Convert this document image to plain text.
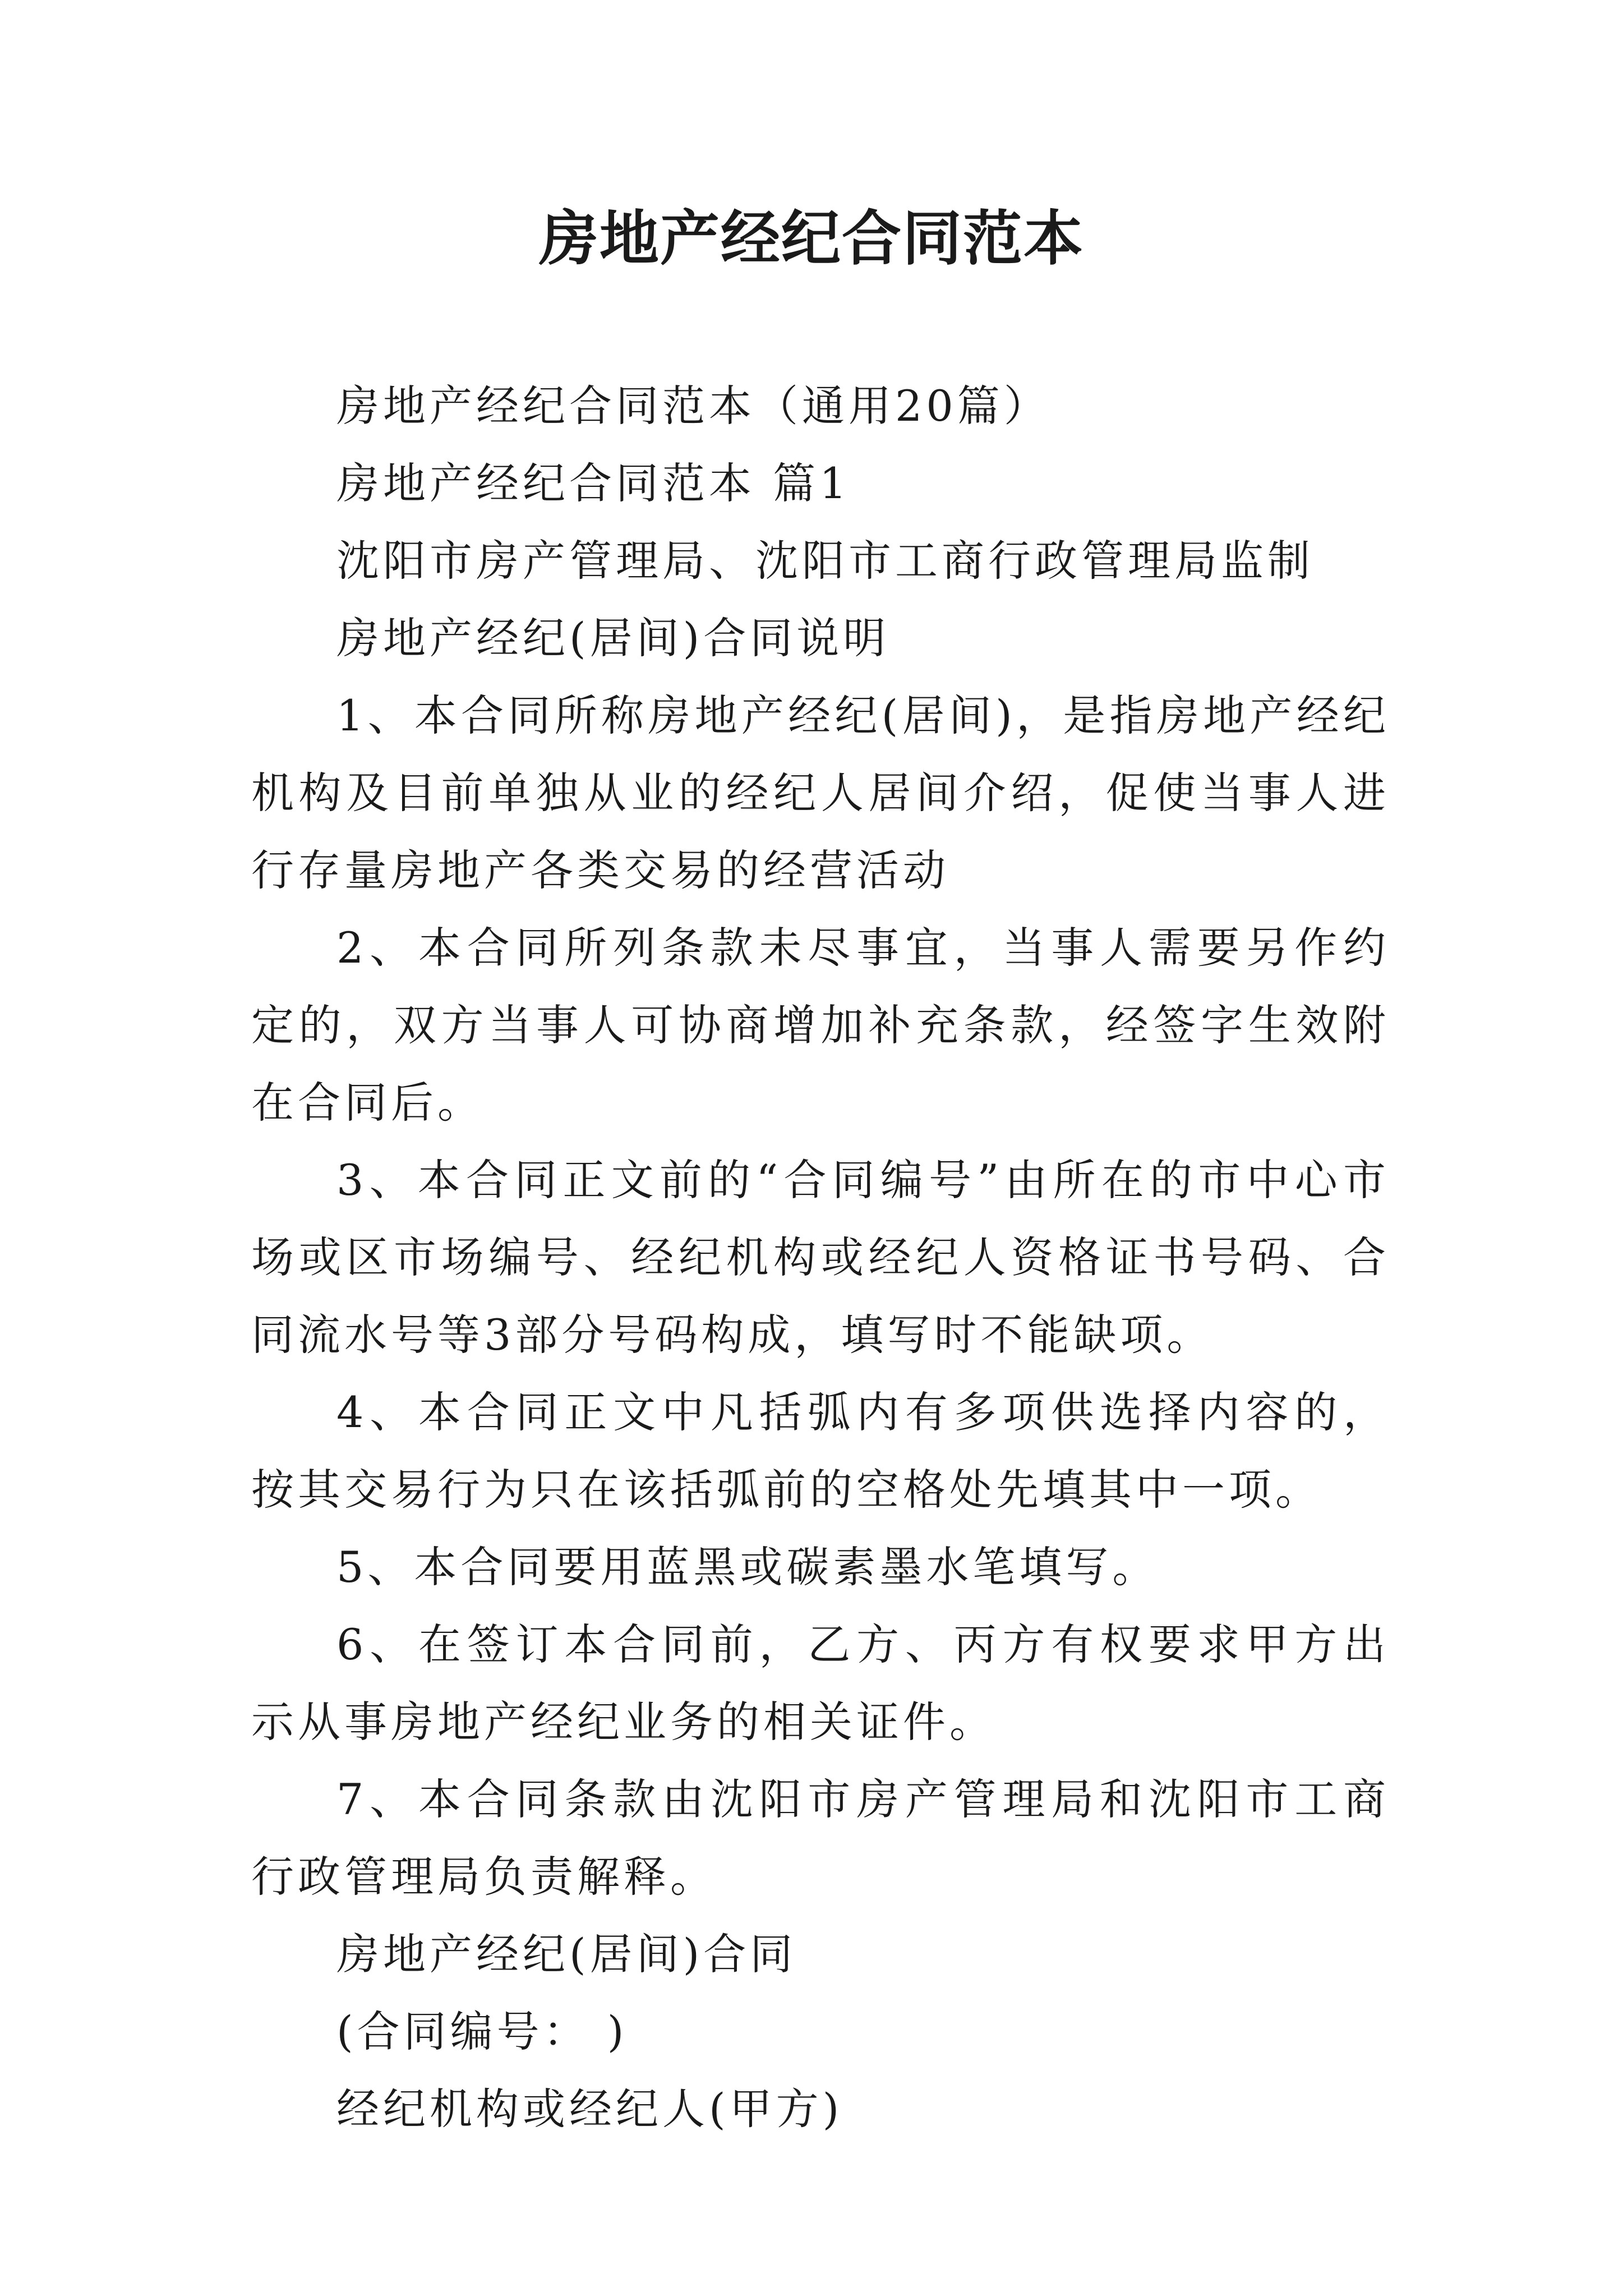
房地产经纪合同范本

房地产经纪合同范本（通用20篇）

房地产经纪合同范本 篇1

沈阳市房产管理局、沈阳市工商行政管理局监制

房地产经纪(居间)合同说明

1、本合同所称房地产经纪(居间)，是指房地产经纪机构及目前单独从业的经纪人居间介绍，促使当事人进行存量房地产各类交易的经营活动

2、本合同所列条款未尽事宜，当事人需要另作约定的，双方当事人可协商增加补充条款，经签字生效附在合同后。

3、本合同正文前的“合同编号”由所在的市中心市场或区市场编号、经纪机构或经纪人资格证书号码、合同流水号等3部分号码构成，填写时不能缺项。

4、本合同正文中凡括弧内有多项供选择内容的，按其交易行为只在该括弧前的空格处先填其中一项。

5、本合同要用蓝黑或碳素墨水笔填写。

6、在签订本合同前，乙方、丙方有权要求甲方出示从事房地产经纪业务的相关证件。

7、本合同条款由沈阳市房产管理局和沈阳市工商行政管理局负责解释。

房地产经纪(居间)合同

(合同编号： )

经纪机构或经纪人(甲方)
